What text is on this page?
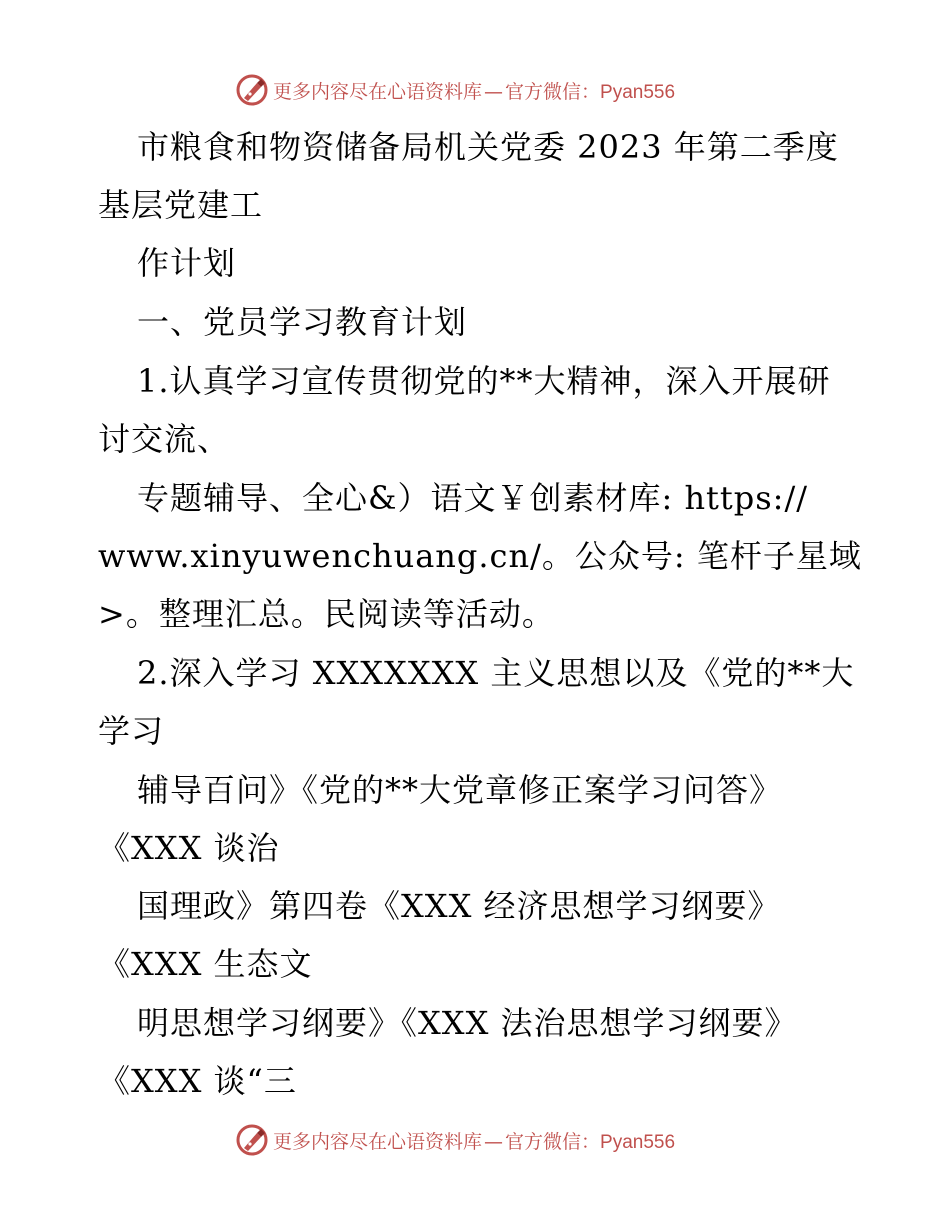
更多内容尽在心语资料库 — 官方微信：Pyan556
市粮食和物资储备局机关党委 2023 年第二季度
基层党建工
作计划
一、党员学习教育计划
1.认真学习宣传贯彻党的**大精神，深入开展研
讨交流、
专题辅导、全心&）语文￥创素材库: https://
www.xinyuwenchuang.cn/。公众号: 笔杆子星域
>。整理汇总。民阅读等活动。
2.深入学习 XXXXXXX 主义思想以及《党的**大
学习
辅导百问》《党的**大党章修正案学习问答》
《XXX 谈治
国理政》第四卷《XXX 经济思想学习纲要》
《XXX 生态文
明思想学习纲要》《XXX 法治思想学习纲要》
《XXX 谈“三
更多内容尽在心语资料库 — 官方微信：Pyan556
